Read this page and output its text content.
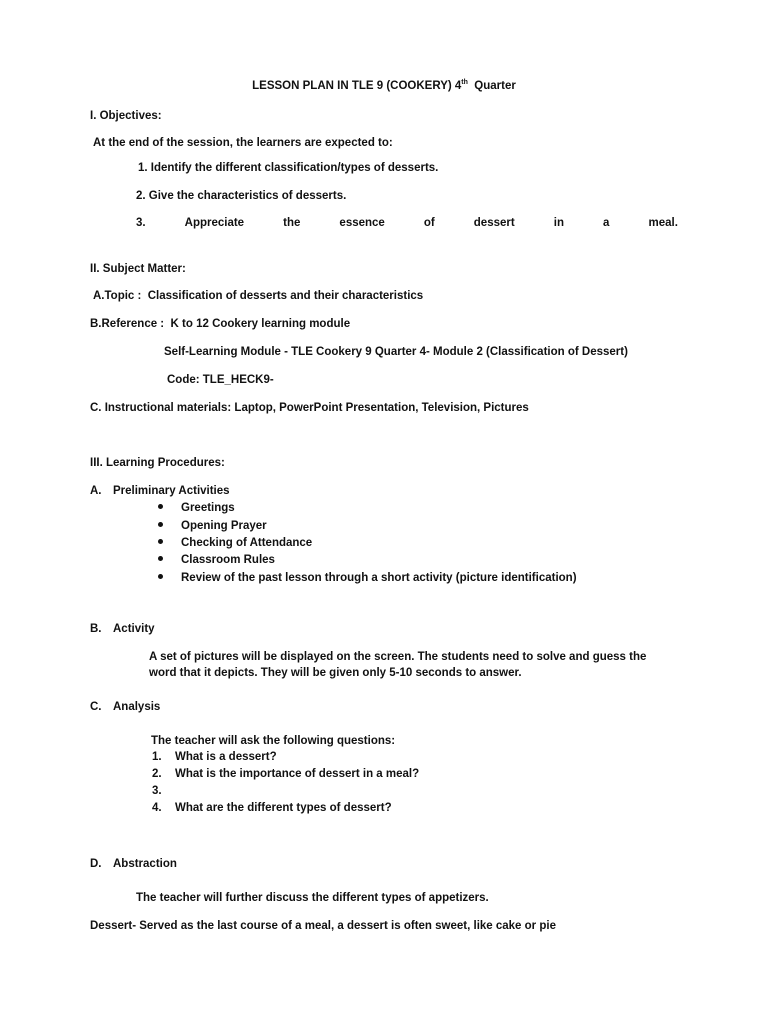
LESSON PLAN IN TLE 9 (COOKERY) 4th  Quarter
I. Objectives:
At the end of the session, the learners are expected to:
1. Identify the different classification/types of desserts.
2. Give the characteristics of desserts.
3.	Appreciate	the	essence	of	dessert	in	a	meal.
II. Subject Matter:
A.Topic :  Classification of desserts and their characteristics
B.Reference :  K to 12 Cookery learning module
Self-Learning Module - TLE Cookery 9 Quarter 4- Module 2 (Classification of Dessert)
Code: TLE_HECK9-
C. Instructional materials: Laptop, PowerPoint Presentation, Television, Pictures
III. Learning Procedures:
A. Preliminary Activities
Greetings
Opening Prayer
Checking of Attendance
Classroom Rules
Review of the past lesson through a short activity (picture identification)
B. Activity
A set of pictures will be displayed on the screen. The students need to solve and guess the
word that it depicts. They will be given only 5-10 seconds to answer.
C. Analysis
The teacher will ask the following questions:
1. What is a dessert?
2. What is the importance of dessert in a meal?
3.
4. What are the different types of dessert?
D. Abstraction
The teacher will further discuss the different types of appetizers.
Dessert- Served as the last course of a meal, a dessert is often sweet, like cake or pie
